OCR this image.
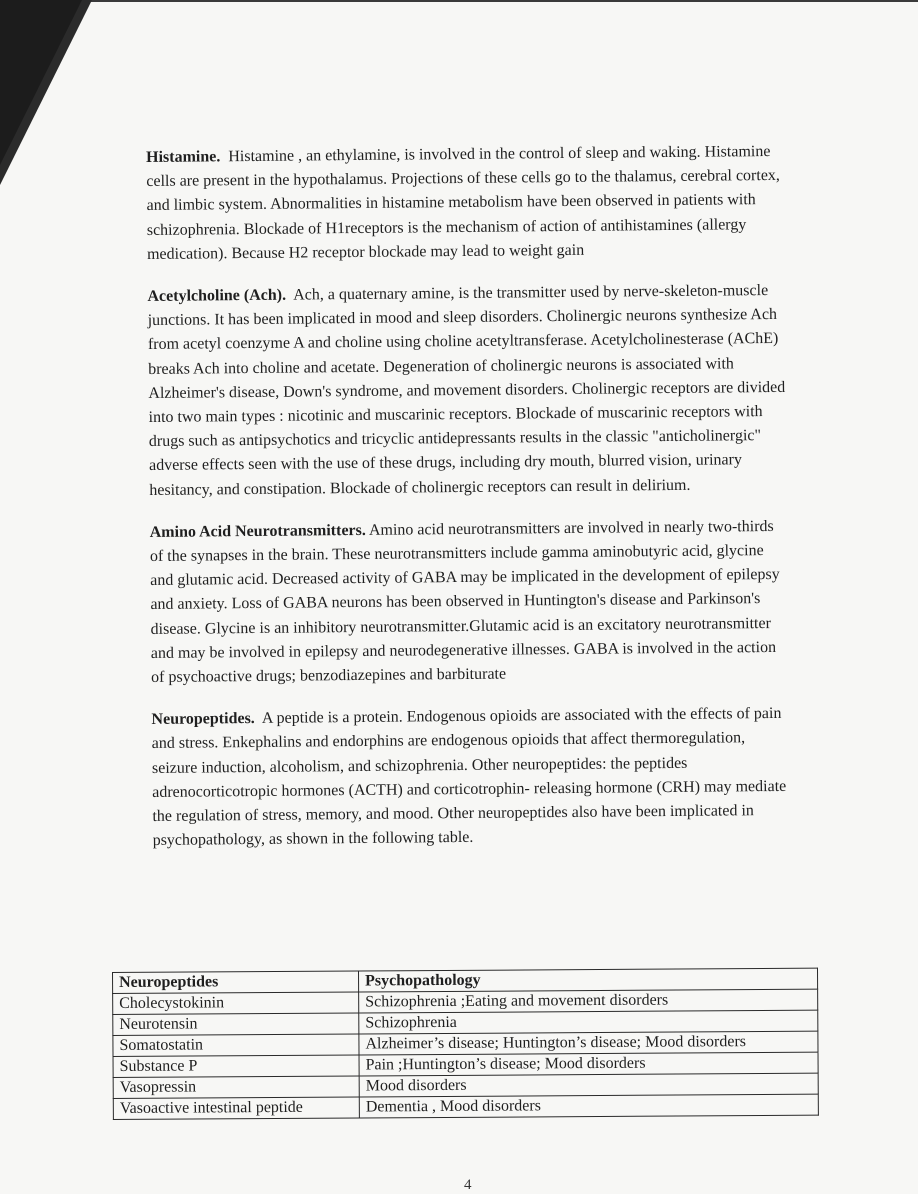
Histamine. Histamine , an ethylamine, is involved in the control of sleep and waking. Histamine cells are present in the hypothalamus. Projections of these cells go to the thalamus, cerebral cortex, and limbic system. Abnormalities in histamine metabolism have been observed in patients with schizophrenia. Blockade of H1receptors is the mechanism of action of antihistamines (allergy medication). Because H2 receptor blockade may lead to weight gain

Acetylcholine (Ach). Ach, a quaternary amine, is the transmitter used by nerve-skeleton-muscle junctions. It has been implicated in mood and sleep disorders. Cholinergic neurons synthesize Ach from acetyl coenzyme A and choline using choline acetyltransferase. Acetylcholinesterase (AChE) breaks Ach into choline and acetate. Degeneration of cholinergic neurons is associated with Alzheimer's disease, Down's syndrome, and movement disorders. Cholinergic receptors are divided into two main types : nicotinic and muscarinic receptors. Blockade of muscarinic receptors with drugs such as antipsychotics and tricyclic antidepressants results in the classic "anticholinergic" adverse effects seen with the use of these drugs, including dry mouth, blurred vision, urinary hesitancy, and constipation. Blockade of cholinergic receptors can result in delirium.

Amino Acid Neurotransmitters. Amino acid neurotransmitters are involved in nearly two-thirds of the synapses in the brain. These neurotransmitters include gamma aminobutyric acid, glycine and glutamic acid. Decreased activity of GABA may be implicated in the development of epilepsy and anxiety. Loss of GABA neurons has been observed in Huntington's disease and Parkinson's disease. Glycine is an inhibitory neurotransmitter.Glutamic acid is an excitatory neurotransmitter and may be involved in epilepsy and neurodegenerative illnesses. GABA is involved in the action of psychoactive drugs; benzodiazepines and barbiturate

Neuropeptides. A peptide is a protein. Endogenous opioids are associated with the effects of pain and stress. Enkephalins and endorphins are endogenous opioids that affect thermoregulation, seizure induction, alcoholism, and schizophrenia. Other neuropeptides: the peptides adrenocorticotropic hormones (ACTH) and corticotrophin- releasing hormone (CRH) may mediate the regulation of stress, memory, and mood. Other neuropeptides also have been implicated in psychopathology, as shown in the following table.

Neuropeptides	Psychopathology
Cholecystokinin	Schizophrenia ;Eating and movement disorders
Neurotensin	Schizophrenia
Somatostatin	Alzheimer’s disease; Huntington’s disease; Mood disorders
Substance P	Pain ;Huntington’s disease; Mood disorders
Vasopressin	Mood disorders
Vasoactive intestinal peptide	Dementia , Mood disorders
4
